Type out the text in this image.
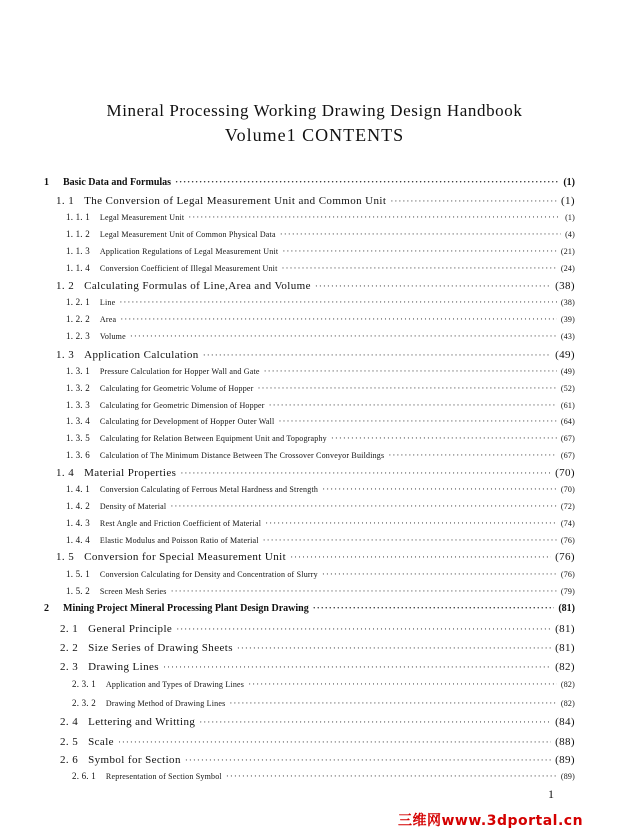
Mineral Processing Working Drawing Design Handbook
Volume1 CONTENTS
1 Basic Data and Formulas ·····	(1)
1. 1 The Conversion of Legal Measurement Unit and Common Unit ·····	(1)
1. 1. 1 Legal Measurement Unit ·····	(1)
1. 1. 2 Legal Measurement Unit of Common Physical Data ·····	(4)
1. 1. 3 Application Regulations of Legal Measurement Unit ·····	(21)
1. 1. 4 Conversion Coefficient of Illegal Measurement Unit ·····	(24)
1. 2 Calculating Formulas of Line,Area and Volume ·····	(38)
1. 2. 1 Line ·····	(38)
1. 2. 2 Area ·····	(39)
1. 2. 3 Volume ·····	(43)
1. 3 Application Calculation ·····	(49)
1. 3. 1 Pressure Calculation for Hopper Wall and Gate ·····	(49)
1. 3. 2 Calculating for Geometric Volume of Hopper ·····	(52)
1. 3. 3 Calculating for Geometric Dimension of Hopper ·····	(61)
1. 3. 4 Calculating for Development of Hopper Outer Wall ·····	(64)
1. 3. 5 Calculating for Relation Between Equipment Unit and Topography ·····	(67)
1. 3. 6 Calculation of The Minimum Distance Between The Crossover Conveyor Buildings ·····	(67)
1. 4 Material Properties ·····	(70)
1. 4. 1 Conversion Calculating of Ferrous Metal Hardness and Strength ·····	(70)
1. 4. 2 Density of Material ·····	(72)
1. 4. 3 Rest Angle and Friction Coefficient of Material ·····	(74)
1. 4. 4 Elastic Modulus and Poisson Ratio of Material ·····	(76)
1. 5 Conversion for Special Measurement Unit ·····	(76)
1. 5. 1 Conversion Calculating for Density and Concentration of Slurry ·····	(76)
1. 5. 2 Screen Mesh Series ·····	(79)
2 Mining Project Mineral Processing Plant Design Drawing ·····	(81)
2. 1 General Principle ·····	(81)
2. 2 Size Series of Drawing Sheets ·····	(81)
2. 3 Drawing Lines ·····	(82)
2. 3. 1 Application and Types of Drawing Lines ·····	(82)
2. 3. 2 Drawing Method of Drawing Lines ·····	(82)
2. 4 Lettering and Writting ·····	(84)
2. 5 Scale ·····	(88)
2. 6 Symbol for Section ·····	(89)
2. 6. 1 Representation of Section Symbol ·····	(89)
1
三维网www.3dportal.cn
